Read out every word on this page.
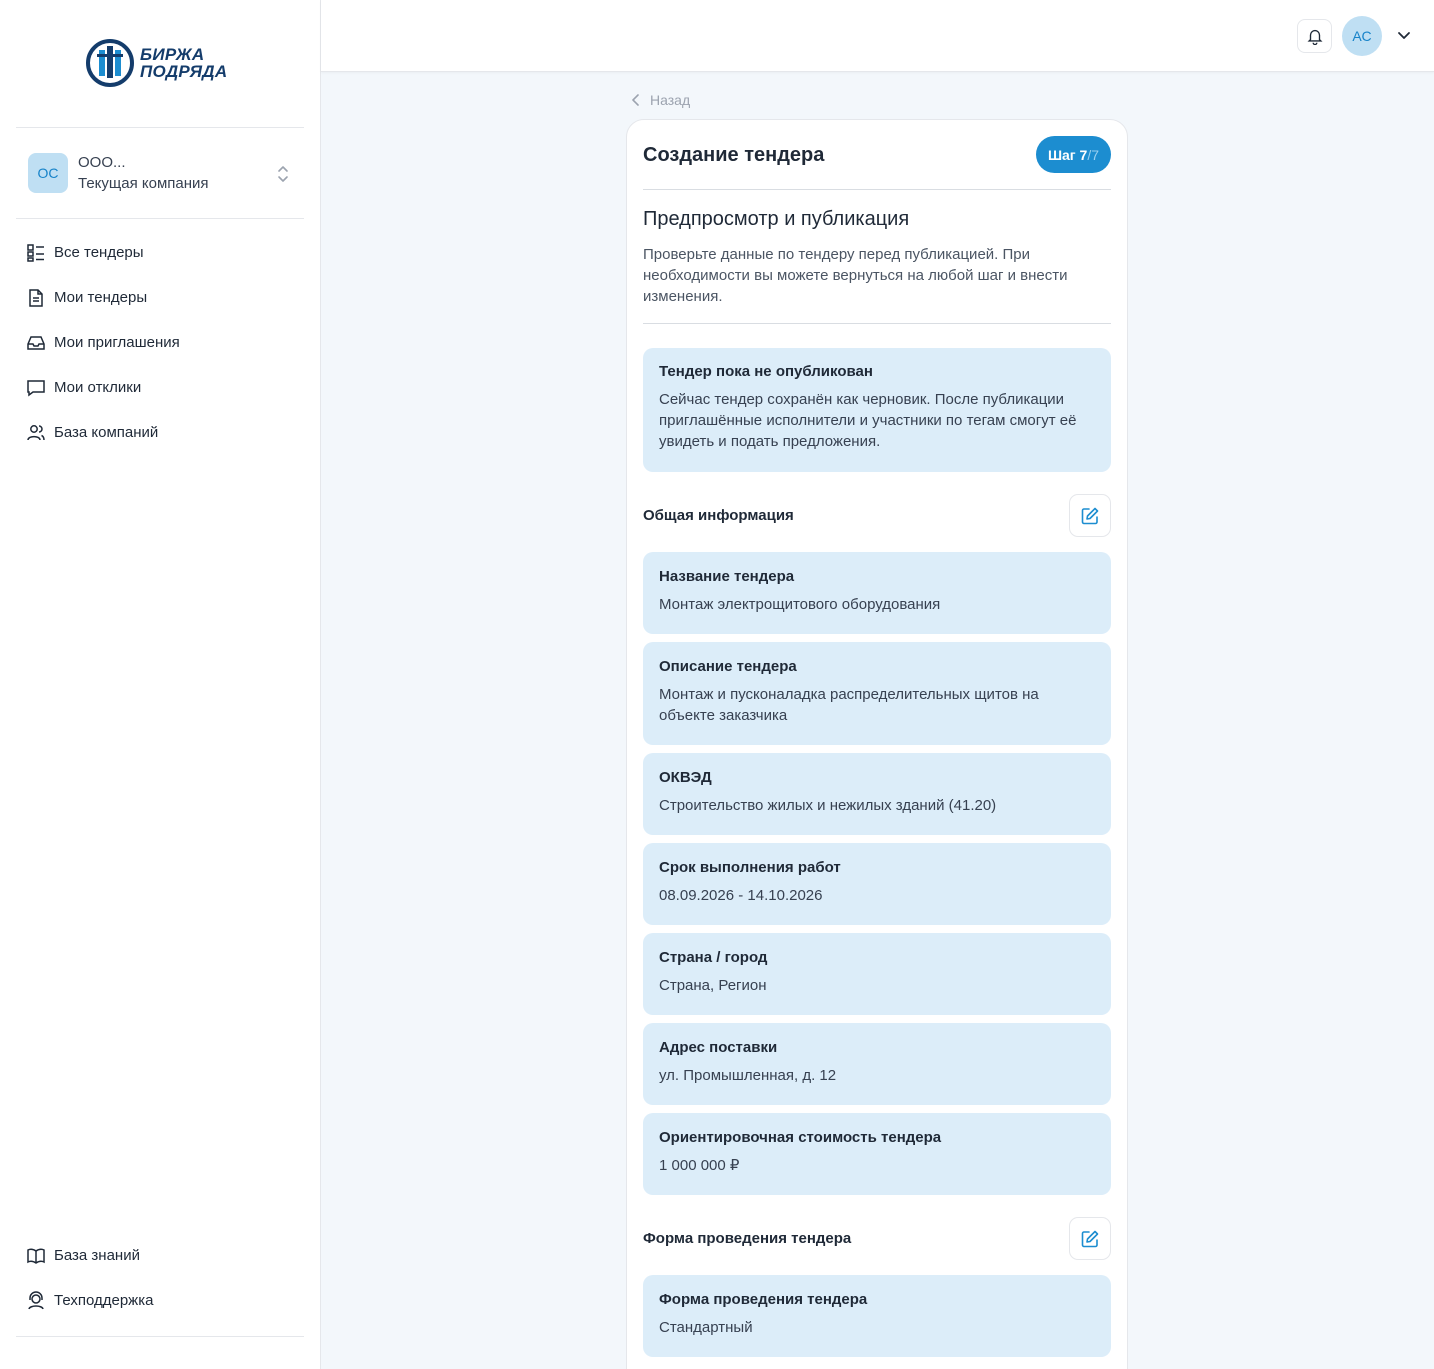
БИРЖА
ПОДРЯДА
ОС
ООО...
Текущая компания
Все тендеры
Мои тендеры
Мои приглашения
Мои отклики
База компаний
База знаний
Техподдержка
АС
Назад
Создание тендера	Шаг 7 /7
Предпросмотр и публикация

Проверьте данные по тендеру перед публикацией. При необходимости вы можете вернуться на любой шаг и внести изменения.

Тендер пока не опубликован
Сейчас тендер сохранён как черновик. После публикации приглашённые исполнители и участники по тегам смогут её увидеть и подать предложения.
Общая информация
Название тендера
Монтаж электрощитового оборудования
Описание тендера
Монтаж и пусконаладка распределительных щитов на объекте заказчика
ОКВЭД
Строительство жилых и нежилых зданий (41.20)
Срок выполнения работ
08.09.2026 - 14.10.2026
Страна / город
Страна, Регион
Адрес поставки
ул. Промышленная, д. 12
Ориентировочная стоимость тендера
1 000 000 ₽
Форма проведения тендера
Форма проведения тендера
Стандартный
